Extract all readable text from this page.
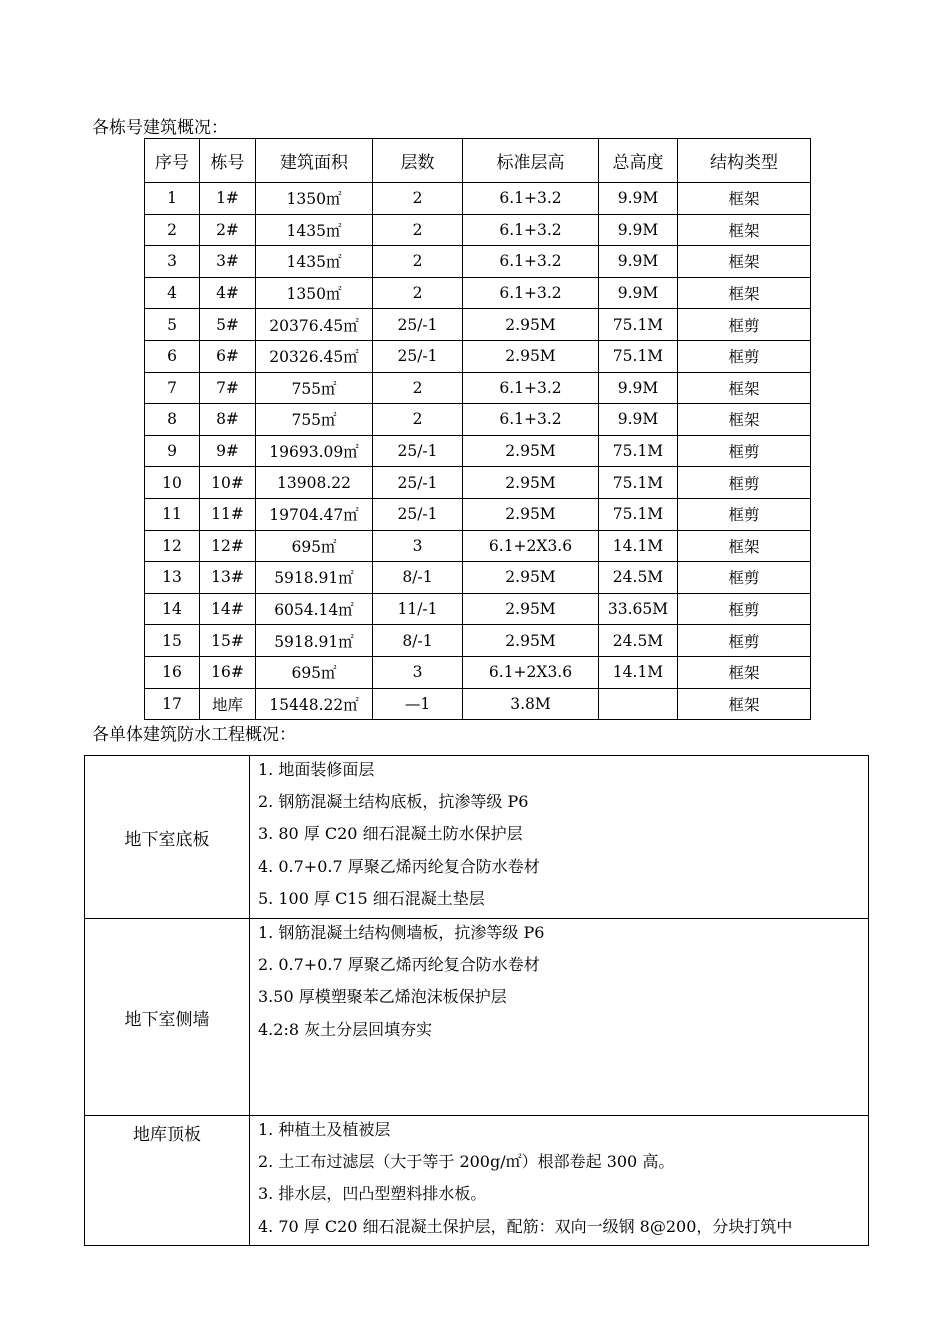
各栋号建筑概况：
序号	栋号	建筑面积	层数	标准层高	总高度	结构类型
1	1#	1350㎡	2	6.1+3.2	9.9M	框架
2	2#	1435㎡	2	6.1+3.2	9.9M	框架
3	3#	1435㎡	2	6.1+3.2	9.9M	框架
4	4#	1350㎡	2	6.1+3.2	9.9M	框架
5	5#	20376.45㎡	25/-1	2.95M	75.1M	框剪
6	6#	20326.45㎡	25/-1	2.95M	75.1M	框剪
7	7#	755㎡	2	6.1+3.2	9.9M	框架
8	8#	755㎡	2	6.1+3.2	9.9M	框架
9	9#	19693.09㎡	25/-1	2.95M	75.1M	框剪
10	10#	13908.22	25/-1	2.95M	75.1M	框剪
11	11#	19704.47㎡	25/-1	2.95M	75.1M	框剪
12	12#	695㎡	3	6.1+2X3.6	14.1M	框架
13	13#	5918.91㎡	8/-1	2.95M	24.5M	框剪
14	14#	6054.14㎡	11/-1	2.95M	33.65M	框剪
15	15#	5918.91㎡	8/-1	2.95M	24.5M	框剪
16	16#	695㎡	3	6.1+2X3.6	14.1M	框架
17	地库	15448.22㎡	—1	3.8M		框架
各单体建筑防水工程概况：
地下室底板	1. 地面装修面层
2. 钢筋混凝土结构底板，抗渗等级 P6
3. 80 厚 C20 细石混凝土防水保护层
4. 0.7+0.7 厚聚乙烯丙纶复合防水卷材
5. 100 厚 C15 细石混凝土垫层

地下室侧墙	1. 钢筋混凝土结构侧墙板，抗渗等级 P6
2. 0.7+0.7 厚聚乙烯丙纶复合防水卷材
3.50 厚模塑聚苯乙烯泡沫板保护层
4.2:8 灰土分层回填夯实

地库顶板	1. 种植土及植被层
2. 土工布过滤层（大于等于 200g/㎡）根部卷起 300 高。
3. 排水层，凹凸型塑料排水板。
4. 70 厚 C20 细石混凝土保护层，配筋：双向一级钢 8@200，分块打筑中
